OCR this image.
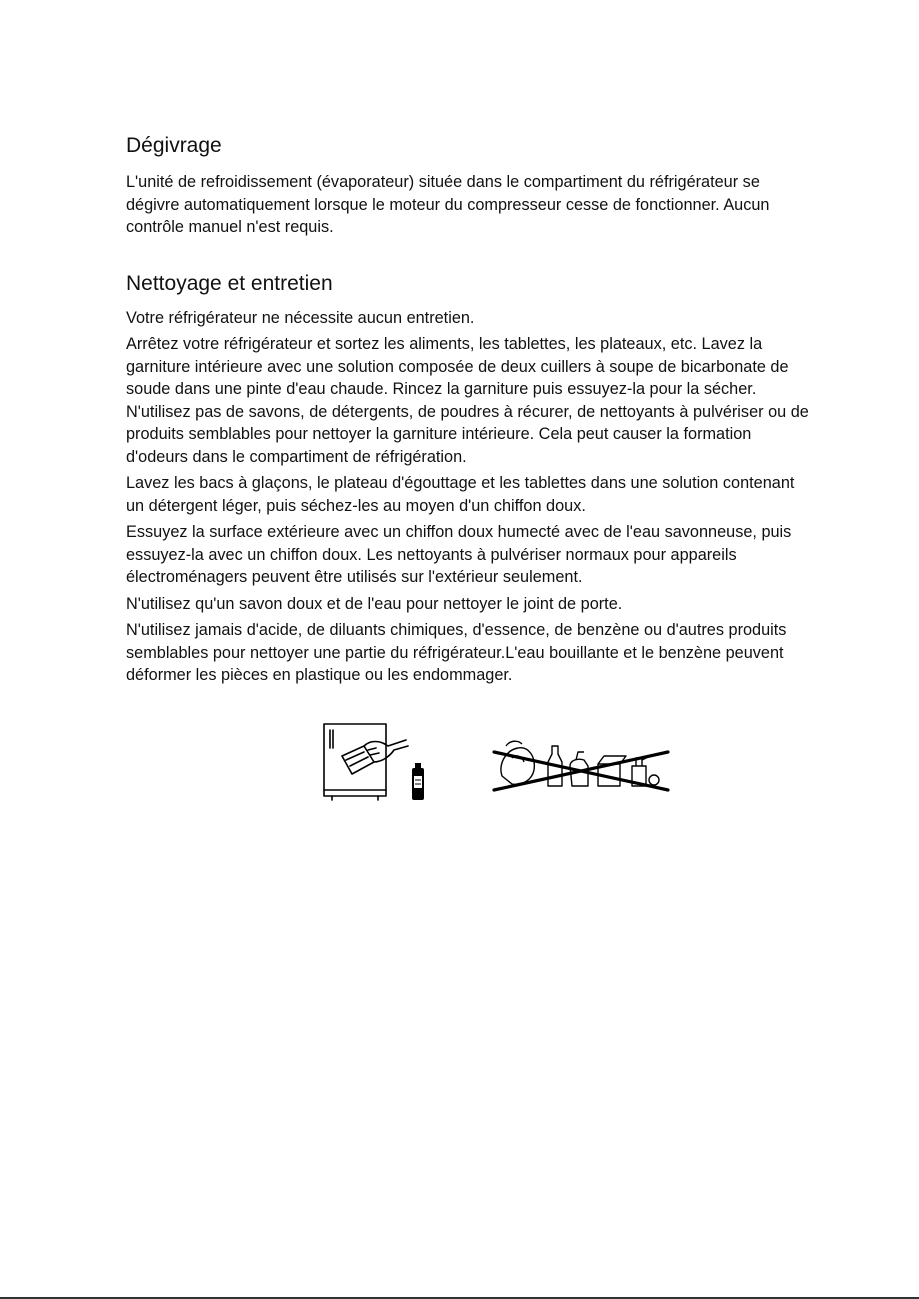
Dégivrage

L'unité de refroidissement (évaporateur) située dans le compartiment du réfrigérateur se dégivre automatiquement lorsque le moteur du compresseur cesse de fonctionner. Aucun contrôle manuel n'est requis.

Nettoyage et entretien

Votre réfrigérateur ne nécessite aucun entretien.

Arrêtez votre réfrigérateur et sortez les aliments, les tablettes, les plateaux, etc. Lavez la garniture intérieure avec une solution composée de deux cuillers à soupe de bicarbonate de soude dans une pinte d'eau chaude. Rincez la garniture puis essuyez-la pour la sécher. N'utilisez pas de savons, de détergents, de poudres à récurer, de nettoyants à pulvériser ou de produits semblables pour nettoyer la garniture intérieure. Cela peut causer la formation d'odeurs dans le compartiment de réfrigération.

Lavez les bacs à glaçons, le plateau d'égouttage et les tablettes dans une solution contenant un détergent léger, puis séchez-les au moyen d'un chiffon doux.

Essuyez la surface extérieure avec un chiffon doux humecté avec de l'eau savonneuse, puis essuyez-la avec un chiffon doux. Les nettoyants à pulvériser normaux pour appareils électroménagers peuvent être utilisés sur l'extérieur seulement.

N'utilisez qu'un savon doux et de l'eau pour nettoyer le joint de porte.

N'utilisez jamais d'acide, de diluants chimiques, d'essence, de benzène ou d'autres produits semblables pour nettoyer une partie du réfrigérateur.L'eau bouillante et le benzène peuvent déformer les pièces en plastique ou les endommager.
